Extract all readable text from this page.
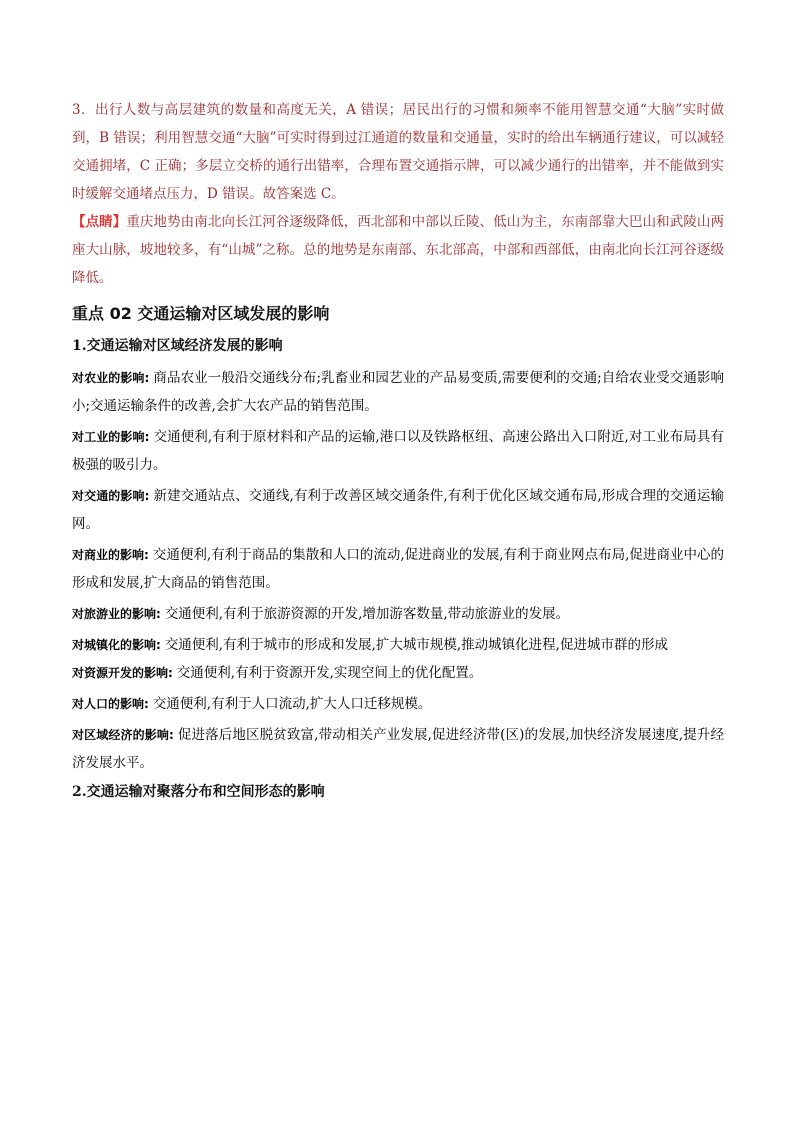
3．出行人数与高层建筑的数量和高度无关，A 错误；居民出行的习惯和频率不能用智慧交通“大脑”实时做到，B 错误；利用智慧交通“大脑”可实时得到过江通道的数量和交通量，实时的给出车辆通行建议，可以减轻交通拥堵，C 正确；多层立交桥的通行出错率，合理布置交通指示牌，可以减少通行的出错率，并不能做到实时缓解交通堵点压力，D 错误。故答案选 C。

【点睛】重庆地势由南北向长江河谷逐级降低，西北部和中部以丘陵、低山为主，东南部靠大巴山和武陵山两座大山脉，坡地较多，有“山城”之称。总的地势是东南部、东北部高，中部和西部低，由南北向长江河谷逐级降低。

重点 02 交通运输对区域发展的影响
1.交通运输对区域经济发展的影响

对农业的影响: 商品农业一般沿交通线分布;乳畜业和园艺业的产品易变质,需要便利的交通;自给农业受交通影响小;交通运输条件的改善,会扩大农产品的销售范围。

对工业的影响: 交通便利,有利于原材料和产品的运输,港口以及铁路枢纽、高速公路出入口附近,对工业布局具有极强的吸引力。

对交通的影响: 新建交通站点、交通线,有利于改善区域交通条件,有利于优化区域交通布局,形成合理的交通运输网。

对商业的影响: 交通便利,有利于商品的集散和人口的流动,促进商业的发展,有利于商业网点布局,促进商业中心的形成和发展,扩大商品的销售范围。

对旅游业的影响: 交通便利,有利于旅游资源的开发,增加游客数量,带动旅游业的发展。

对城镇化的影响: 交通便利,有利于城市的形成和发展,扩大城市规模,推动城镇化进程,促进城市群的形成

对资源开发的影响: 交通便利,有利于资源开发,实现空间上的优化配置。

对人口的影响: 交通便利,有利于人口流动,扩大人口迁移规模。

对区域经济的影响: 促进落后地区脱贫致富,带动相关产业发展,促进经济带(区)的发展,加快经济发展速度,提升经济发展水平。

2.交通运输对聚落分布和空间形态的影响
